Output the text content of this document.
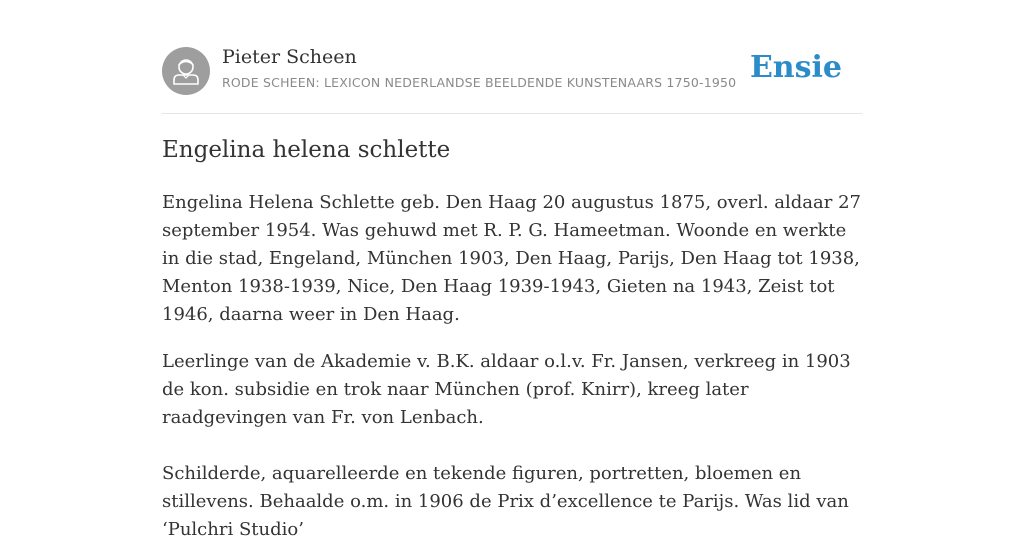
Pieter Scheen
RODE SCHEEN: LEXICON NEDERLANDSE BEELDENDE KUNSTENAARS 1750-1950 Ensie
Engelina helena schlette

Engelina Helena Schlette geb. Den Haag 20 augustus 1875, overl. aldaar 27 september 1954. Was gehuwd met R. P. G. Hameetman. Woonde en werkte in die stad, Engeland, München 1903, Den Haag, Parijs, Den Haag tot 1938, Menton 1938-1939, Nice, Den Haag 1939-1943, Gieten na 1943, Zeist tot 1946, daarna weer in Den Haag.

Leerlinge van de Akademie v. B.K. aldaar o.l.v. Fr. Jansen, verkreeg in 1903 de kon. subsidie en trok naar München (prof. Knirr), kreeg later raadgevingen van Fr. von Lenbach.

Schilderde, aquarelleerde en tekende figuren, portretten, bloemen en stillevens. Behaalde o.m. in 1906 de Prix d’excellence te Parijs. Was lid van ‘Pulchri Studio’
